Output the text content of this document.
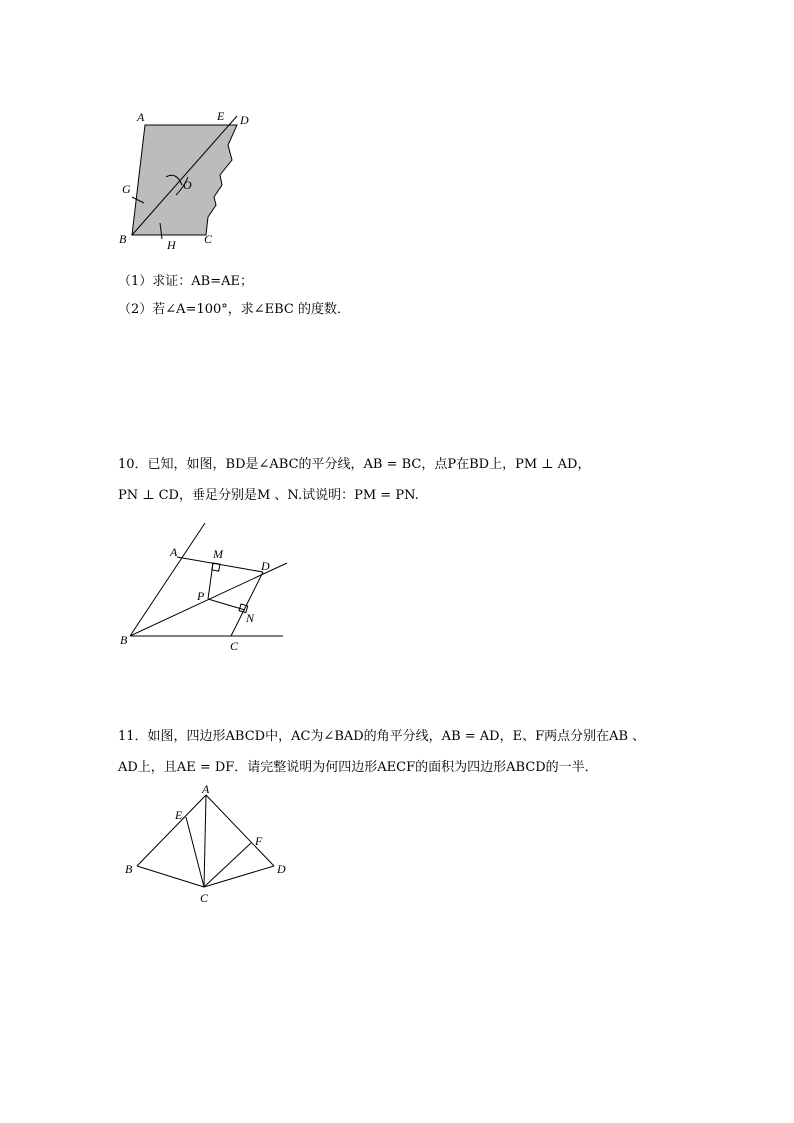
A	E D
G	O
B	H C
（1）求证：AB=AE；
（2）若∠A=100°，求∠EBC 的度数．
10．已知，如图，BD是∠ABC的平分线，AB = BC，点P在BD上，PM ⊥ AD，
PN ⊥ CD，垂足分别是M 、N.试说明：PM = PN.
A	M
D
P
N
B	C
11．如图，四边形ABCD中，AC为∠BAD的角平分线，AB = AD，E、F两点分别在AB 、
AD上，且AE = DF．请完整说明为何四边形AECF的面积为四边形ABCD的一半．
A
E
F
B	D
C
